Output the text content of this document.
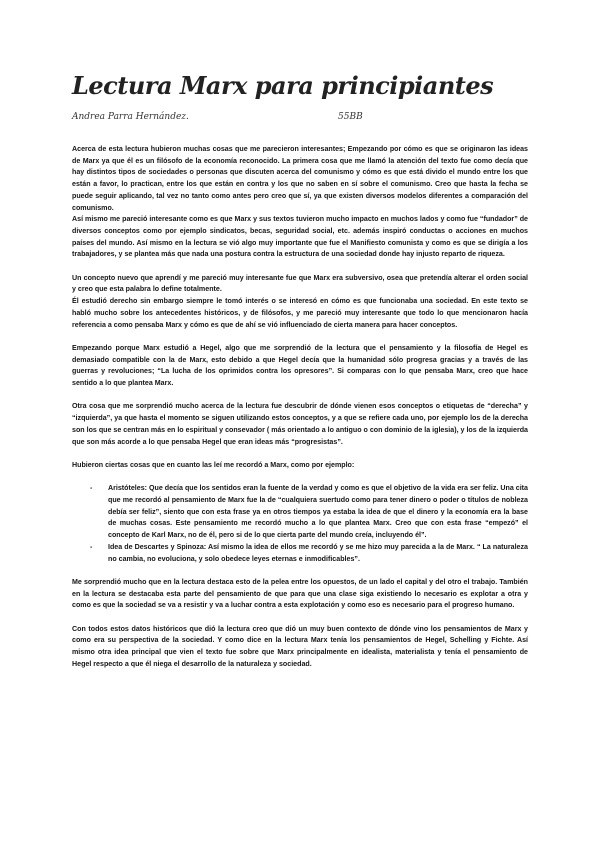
Lectura Marx para principiantes
Andrea Parra Hernández.	55BB

Acerca de esta lectura hubieron muchas cosas que me parecieron interesantes; Empezando por cómo es que se originaron las ideas de Marx ya que él es un filósofo de la economía reconocido. La primera cosa que me llamó la atención del texto fue como decía que hay distintos tipos de sociedades o personas que discuten acerca del comunismo y cómo es que está divido el mundo entre los que están a favor, lo practican, entre los que están en contra y los que no saben en sí sobre el comunismo. Creo que hasta la fecha se puede seguir aplicando, tal vez no tanto como antes pero creo que sí, ya que existen diversos modelos diferentes a comparación del comunismo.

Así mismo me pareció interesante como es que Marx y sus textos tuvieron mucho impacto en muchos lados y como fue “fundador” de diversos conceptos como por ejemplo sindicatos, becas, seguridad social, etc. además inspiró conductas o acciones en muchos países del mundo. Así mismo en la lectura se vió algo muy importante que fue el Manifiesto comunista y como es que se dirigía a los trabajadores, y se plantea más que nada una postura contra la estructura de una sociedad donde hay injusto reparto de riqueza.

Un concepto nuevo que aprendí y me pareció muy interesante fue que Marx era subversivo, osea que pretendía alterar el orden social y creo que esta palabra lo define totalmente.

Él estudió derecho sin embargo siempre le tomó interés o se interesó en cómo es que funcionaba una sociedad. En este texto se habló mucho sobre los antecedentes históricos, y de filósofos, y me pareció muy interesante que todo lo que mencionaron hacía referencia a como pensaba Marx y cómo es que de ahí se vió influenciado de cierta manera para hacer conceptos.

Empezando porque Marx estudió a Hegel, algo que me sorprendió de la lectura que el pensamiento y la filosofía de Hegel es demasiado compatible con la de Marx, esto debido a que Hegel decía que la humanidad sólo progresa gracias y a través de las guerras y revoluciones; “La lucha de los oprimidos contra los opresores”. Si comparas con lo que pensaba Marx, creo que hace sentido a lo que plantea Marx.

Otra cosa que me sorprendió mucho acerca de la lectura fue descubrir de dónde vienen esos conceptos o etiquetas de “derecha” y “izquierda”, ya que hasta el momento se siguen utilizando estos conceptos, y a que se refiere cada uno, por ejemplo los de la derecha son los que se centran más en lo espiritual y consevador ( más orientado a lo antiguo o con dominio de la iglesia), y los de la izquierda que son más acorde a lo que pensaba Hegel que eran ideas más “progresistas”.

Hubieron ciertas cosas que en cuanto las leí me recordó a Marx, como por ejemplo:

- Aristóteles: Que decía que los sentidos eran la fuente de la verdad y como es que el objetivo de la vida era ser feliz. Una cita que me recordó al pensamiento de Marx fue la de “cualquiera suertudo como para tener dinero o poder o títulos de nobleza debía ser feliz”, siento que con esta frase ya en otros tiempos ya estaba la idea de que el dinero y la economía era la base de muchas cosas. Este pensamiento me recordó mucho a lo que plantea Marx. Creo que con esta frase “empezó” el concepto de Karl Marx, no de él, pero si de lo que cierta parte del mundo creía, incluyendo él”.
- Idea de Descartes y Spinoza: Así mismo la idea de ellos me recordó y se me hizo muy parecida a la de Marx. “ La naturaleza no cambia, no evoluciona, y solo obedece leyes eternas e inmodificables”.

Me sorprendió mucho que en la lectura destaca esto de la pelea entre los opuestos, de un lado el capital y del otro el trabajo. También en la lectura se destacaba esta parte del pensamiento de que para que una clase siga existiendo lo necesario es explotar a otra y como es que la sociedad se va a resistir y va a luchar contra a esta explotación y como eso es necesario para el progreso humano.

Con todos estos datos históricos que dió la lectura creo que dió un muy buen contexto de dónde vino los pensamientos de Marx y como era su perspectiva de la sociedad. Y como dice en la lectura Marx tenía los pensamientos de Hegel, Schelling y Fichte. Así mismo otra idea principal que vien el texto fue sobre que Marx principalmente en idealista, materialista y tenía el pensamiento de Hegel respecto a que él niega el desarrollo de la naturaleza y sociedad.
